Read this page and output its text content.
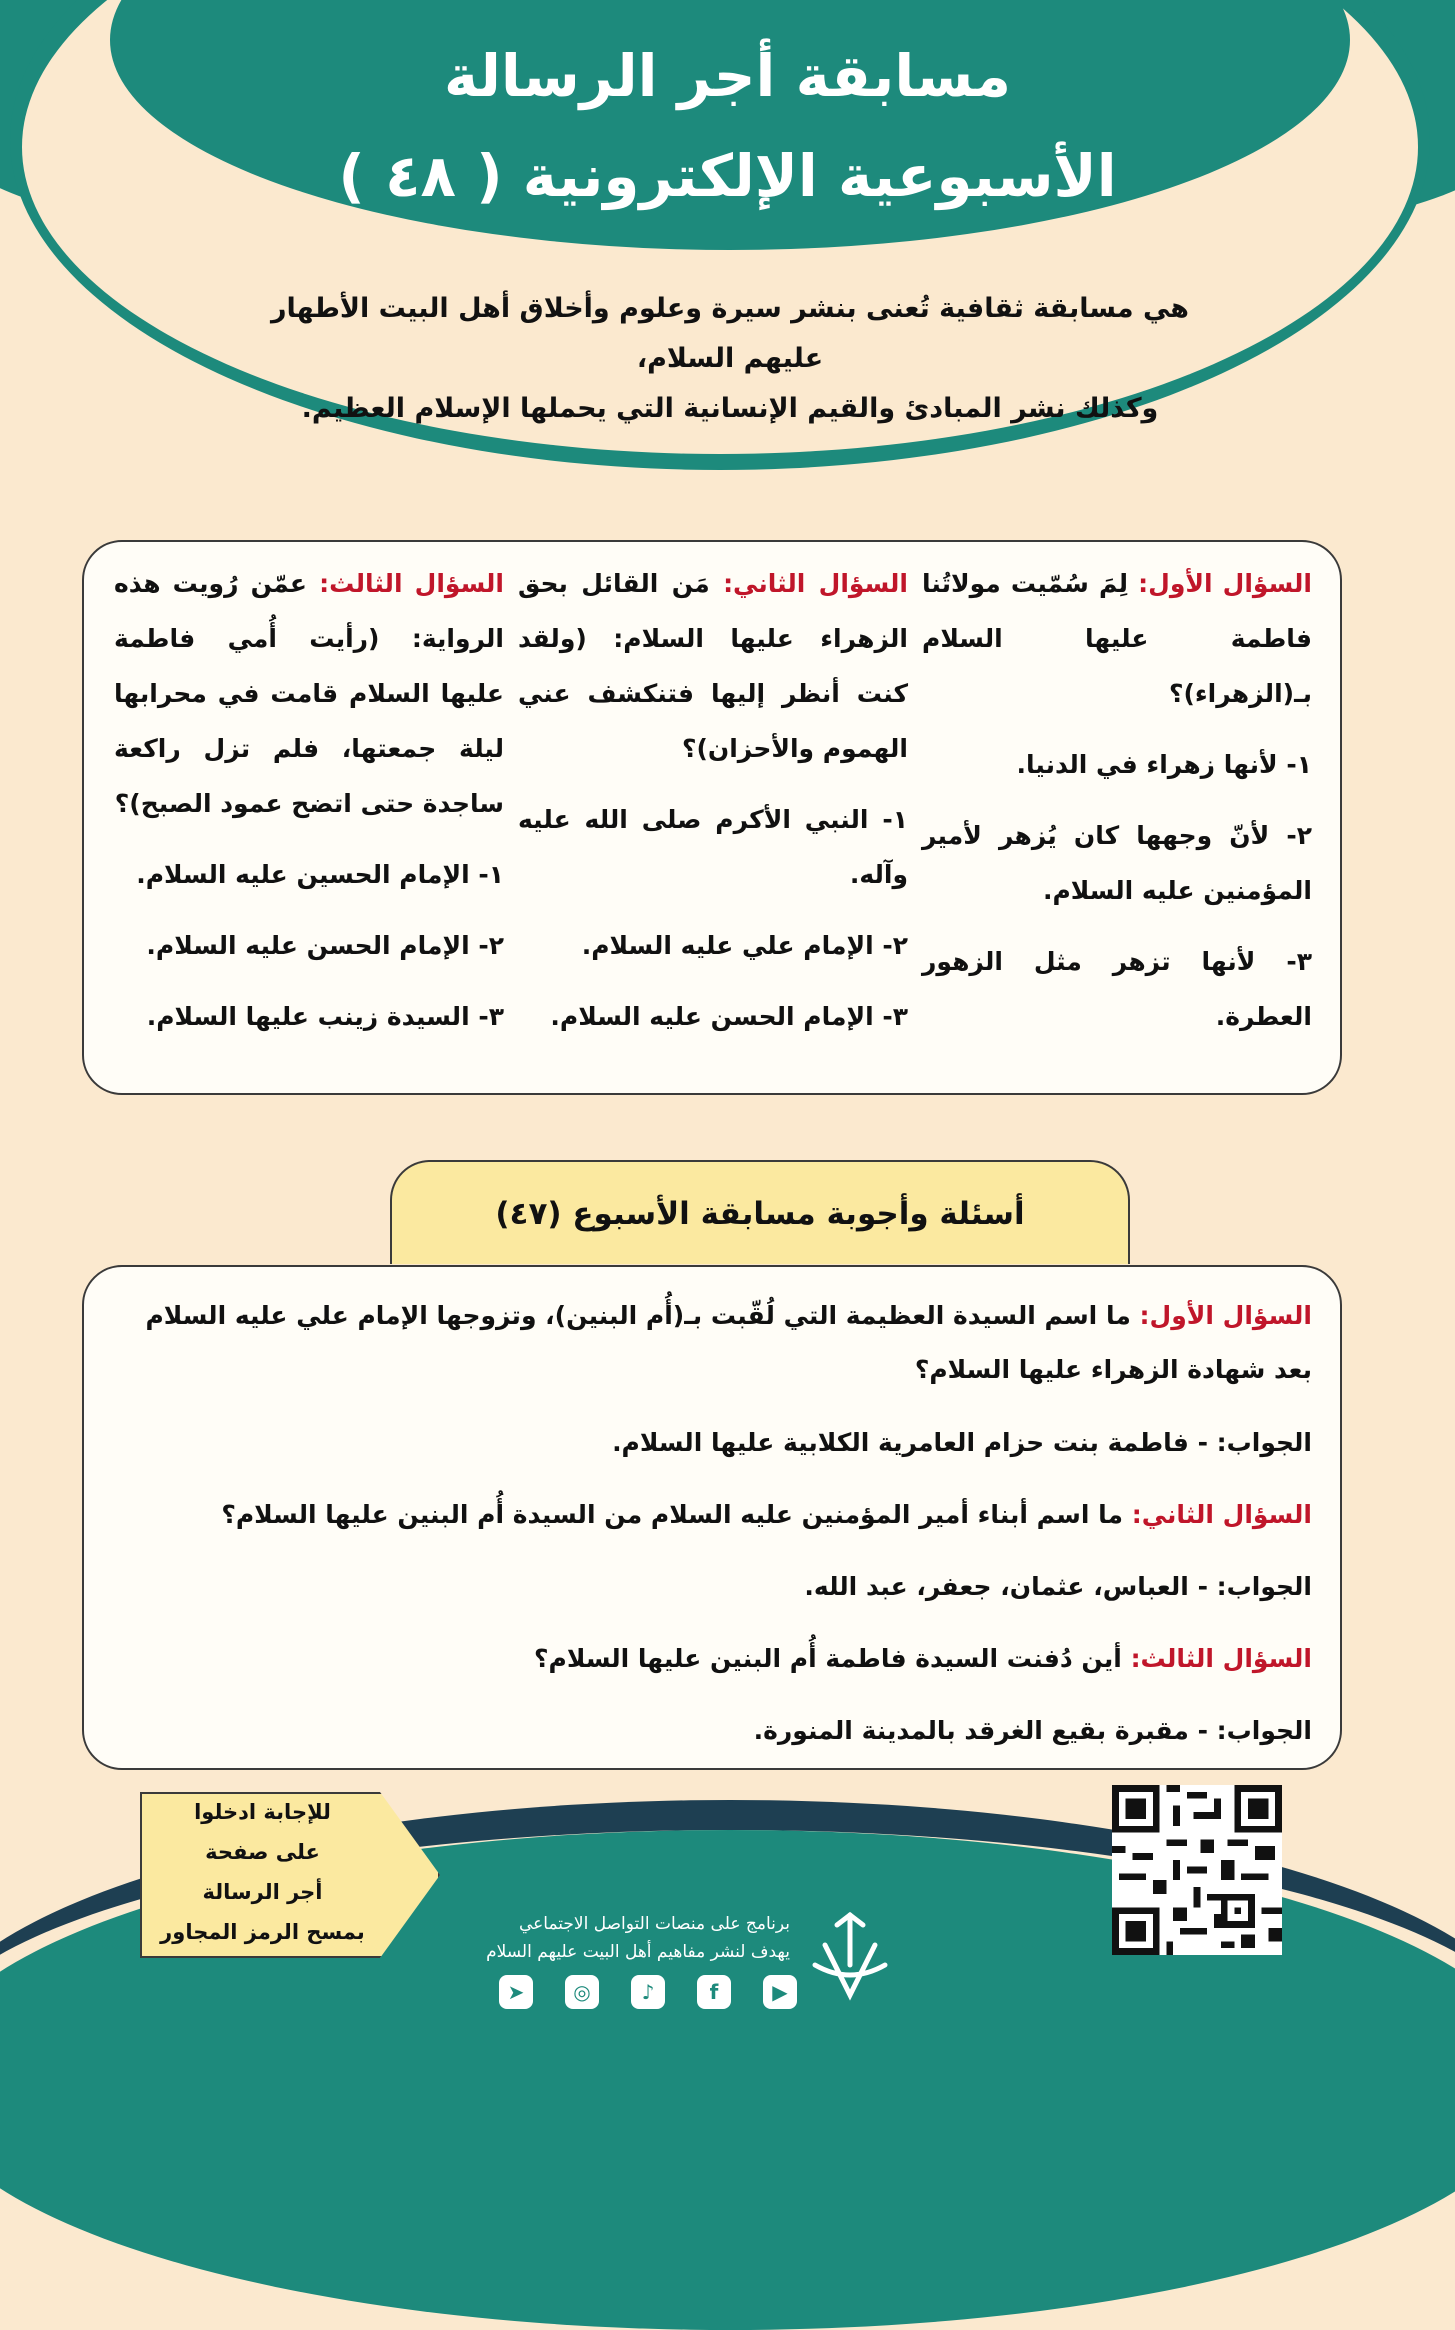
مسابقة أجر الرسالة
الأسبوعية الإلكترونية ( ٤٨ )
هي مسابقة ثقافية تُعنى بنشر سيرة وعلوم وأخلاق أهل البيت الأطهار عليهم السلام،
وكذلك نشر المبادئ والقيم الإنسانية التي يحملها الإسلام العظيم.
السؤال الأول: لِمَ سُمّيت مولاتُنا فاطمة عليها السلام بـ(الزهراء)؟
١- لأنها زهراء في الدنيا.
٢- لأنّ وجهها كان يُزهر لأمير المؤمنين عليه السلام.
٣- لأنها تزهر مثل الزهور العطرة.
السؤال الثاني: مَن القائل بحق الزهراء عليها السلام: (ولقد كنت أنظر إليها فتنكشف عني الهموم والأحزان)؟
١- النبي الأكرم صلى الله عليه وآله.
٢- الإمام علي عليه السلام.
٣- الإمام الحسن عليه السلام.
السؤال الثالث: عمّن رُويت هذه الرواية: (رأيت أُمي فاطمة عليها السلام قامت في محرابها ليلة جمعتها، فلم تزل راكعة ساجدة حتى اتضح عمود الصبح)؟
١- الإمام الحسين عليه السلام.
٢- الإمام الحسن عليه السلام.
٣- السيدة زينب عليها السلام.
أسئلة وأجوبة مسابقة الأسبوع (٤٧)
السؤال الأول: ما اسم السيدة العظيمة التي لُقّبت بـ(أُم البنين)، وتزوجها الإمام علي عليه السلام بعد شهادة الزهراء عليها السلام؟
الجواب: - فاطمة بنت حزام العامرية الكلابية عليها السلام.
السؤال الثاني: ما اسم أبناء أمير المؤمنين عليه السلام من السيدة أُم البنين عليها السلام؟
الجواب: - العباس، عثمان، جعفر، عبد الله.
السؤال الثالث: أين دُفنت السيدة فاطمة أُم البنين عليها السلام؟
الجواب: - مقبرة بقيع الغرقد بالمدينة المنورة.
للإجابة ادخلوا
على صفحة
أجر الرسالة
بمسح الرمز المجاور	برنامج على منصات التواصل الاجتماعي
يهدف لنشر مفاهيم أهل البيت عليهم السلام
▶
f
♪
◎
➤
